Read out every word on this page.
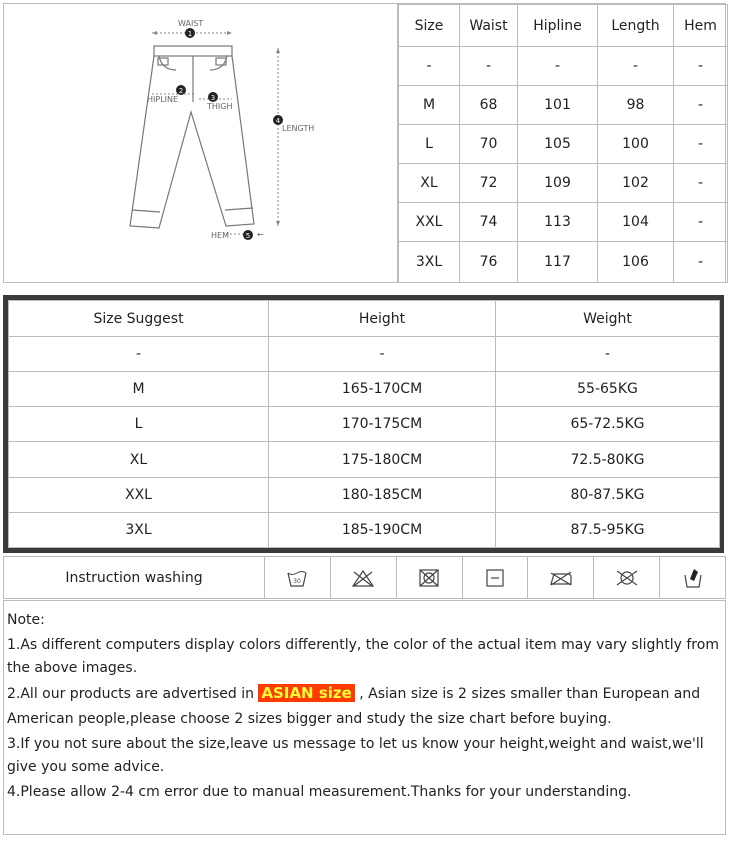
WAIST
1
2
HIPLINE	3
THIGH
4
LENGTH
5
HEM	←
Size	Waist	Hipline	Length	Hem
-	-	-	-	-
M	68	101	98	-
L	70	105	100	-
XL	72	109	102	-
XXL	74	113	104	-
3XL	76	117	106	-
Size Suggest	Height	Weight
-	-	-
M	165-170CM	55-65KG
L	170-175CM	65-72.5KG
XL	175-180CM	72.5-80KG
XXL	180-185CM	80-87.5KG
3XL	185-190CM	87.5-95KG
Instruction washing	30

Note:

1.As different computers display colors differently, the color of the actual item may vary slightly from the above images.

2.All our products are advertised in ASIAN size , Asian size is 2 sizes smaller than European and

American people,please choose 2 sizes bigger and study the size chart before buying.

3.If you not sure about the size,leave us message to let us know your height,weight and waist,we'll give you some advice.

4.Please allow 2-4 cm error due to manual measurement.Thanks for your understanding.
